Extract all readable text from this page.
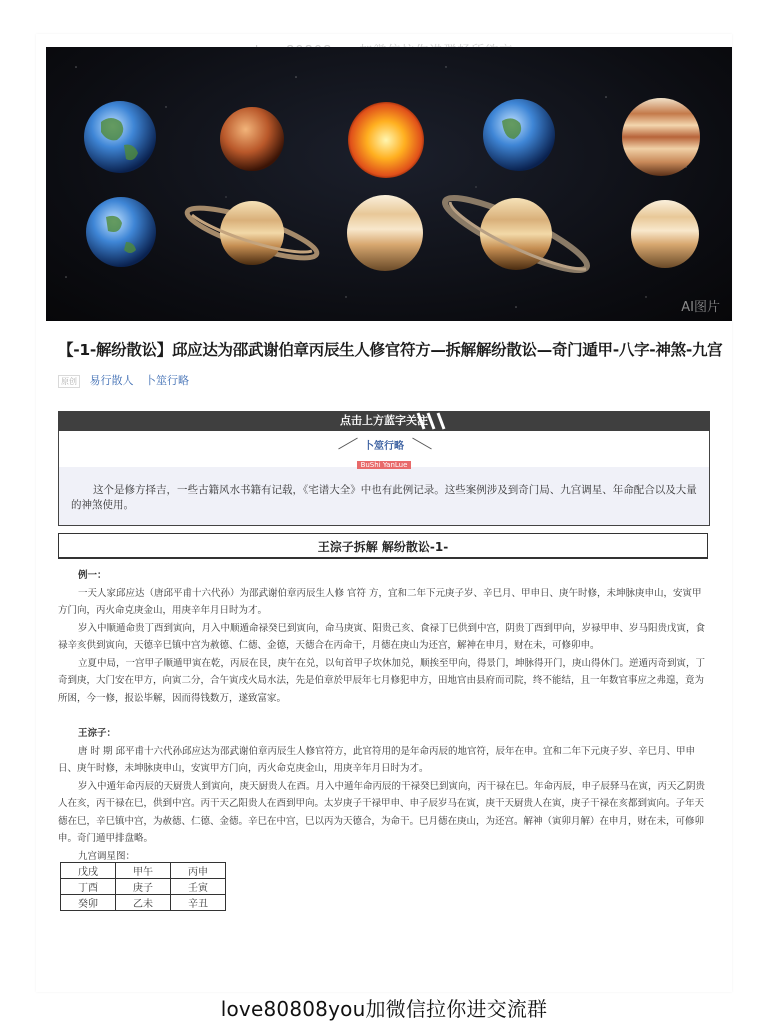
AI图片
【-1-解纷散讼】邱应达为邵武谢伯章丙辰生人修官符方—拆解解纷散讼—奇门遁甲-八字-神煞-九宫
原创 易行散人 卜筮行略
点击上方蓝字关注
卜筮行略
BuShi YanLue
这个是修方择吉，一些古籍风水书籍有记载，《宅谱大全》中也有此例记录。这些案例涉及到奇门局、九宫调星、年命配合以及大量的神煞使用。
王淙子拆解 解纷散讼-1-

例一：

一天人家邱应达（唐邱平甫十六代孙）为邵武谢伯章丙辰生人修 官符 方，宜和二年下元庚子岁、辛巳月、甲申日、庚午时修，未坤脉庚申山，安寅甲方门向，丙火命克庚金山，用庚辛年月日时为才。

岁入中顺遁命贵丁酉到寅向，月入中顺遁命禄癸巳到寅向，命马庚寅、阳贵己亥、食禄丁巳供到中宫，阴贵丁酉到甲向，岁禄甲申、岁马阳贵戊寅，食禄辛亥供到寅向，天德辛巳镇中宫为赦德、仁德、金德，天德合在丙命干，月德在庚山为还宫，解神在申月，财在未，可修卯申。

立夏中局，一宫甲子顺遁甲寅在乾，丙辰在艮，庚午在兑，以旬首甲子坎休加兑，顺挨至甲向，得景门，坤脉得开门，庚山得休门。逆遁丙奇到寅，丁奇到庚，大门安在甲方，向寅二分，合午寅戌火局水法，先是伯章於甲辰年七月修犯申方，田地官由县府而司院，终不能结，且一年数官事应之弗遑，竟为所困，今一修，报讼毕解，因而得钱数万，遂致富家。

王淙子：

唐 时 期 邱平甫十六代孙邱应达为邵武谢伯章丙辰生人修官符方，此官符用的是年命丙辰的地官符，辰年在申。宜和二年下元庚子岁、辛巳月、甲申日、庚午时修，未坤脉庚申山，安寅甲方门向，丙火命克庚金山，用庚辛年月日时为才。

岁入中遁年命丙辰的天厨贵人到寅向，庚天厨贵人在酉。月入中遁年命丙辰的干禄癸巳到寅向，丙干禄在巳。年命丙辰，申子辰驿马在寅，丙天乙阴贵人在亥，丙干禄在巳，供到中宫。丙干天乙阳贵人在酉到甲向。太岁庚子干禄甲申、申子辰岁马在寅，庚干天厨贵人在寅，庚子干禄在亥都到寅向。子年天德在巳，辛巳镇中宫，为赦德、仁德、金德。辛巳在中宫，巳以丙为天德合，为命干。巳月德在庚山，为还宫。解神（寅卯月解）在申月，财在未，可修卯申。奇门遁甲排盘略。

九宫调星图：

戊戌	甲午	丙申
丁酉	庚子	壬寅
癸卯	乙未	辛丑
love80808you加微信拉你进交流群
